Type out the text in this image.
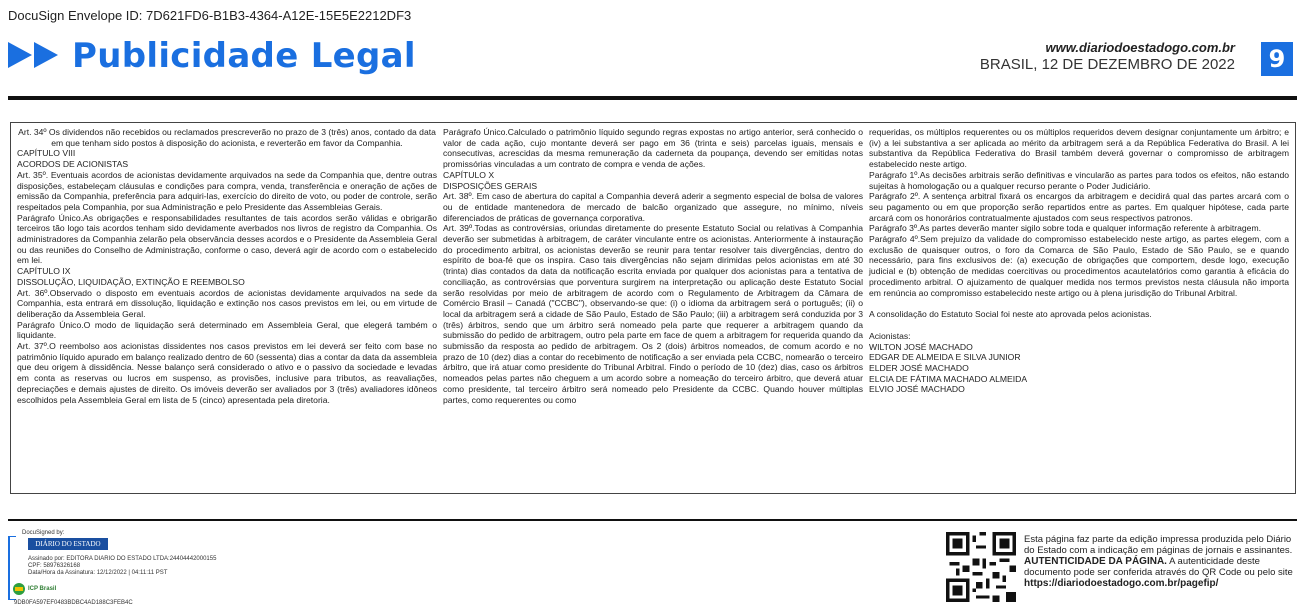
DocuSign Envelope ID: 7D621FD6-B1B3-4364-A12E-15E5E2212DF3
Publicidade Legal	www.diariodoestadogo.com.br
BRASIL, 12 DE DEZEMBRO DE 2022	9

Art. 34º Os dividendos não recebidos ou reclamados prescreverão no prazo de 3 (três) anos, contado da data em que tenham sido postos à disposição do acionista, e reverterão em favor da Companhia.

CAPÍTULO VIII

ACORDOS DE ACIONISTAS

Art. 35º. Eventuais acordos de acionistas devidamente arquivados na sede da Companhia que, dentre outras disposições, estabeleçam cláusulas e condições para compra, venda, transferência e oneração de ações de emissão da Companhia, preferência para adquiri-las, exercício do direito de voto, ou poder de controle, serão respeitados pela Companhia, por sua Administração e pelo Presidente das Assembleias Gerais.

Parágrafo Único.As obrigações e responsabilidades resultantes de tais acordos serão válidas e obrigarão terceiros tão logo tais acordos tenham sido devidamente averbados nos livros de registro da Companhia. Os administradores da Companhia zelarão pela observância desses acordos e o Presidente da Assembleia Geral ou das reuniões do Conselho de Administração, conforme o caso, deverá agir de acordo com o estabelecido em lei.

CAPÍTULO IX

DISSOLUÇÃO, LIQUIDAÇÃO, EXTINÇÃO E REEMBOLSO

Art. 36º.Observado o disposto em eventuais acordos de acionistas devidamente arquivados na sede da Companhia, esta entrará em dissolução, liquidação e extinção nos casos previstos em lei, ou em virtude de deliberação da Assembleia Geral.

Parágrafo Único.O modo de liquidação será determinado em Assembleia Geral, que elegerá também o liquidante.

Art. 37º.O reembolso aos acionistas dissidentes nos casos previstos em lei deverá ser feito com base no patrimônio líquido apurado em balanço realizado dentro de 60 (sessenta) dias a contar da data da assembleia que deu origem à dissidência. Nesse balanço será considerado o ativo e o passivo da sociedade e levadas em conta as reservas ou lucros em suspenso, as provisões, inclusive para tributos, as reavaliações, depreciações e demais ajustes de direito. Os imóveis deverão ser avaliados por 3 (três) avaliadores idôneos escolhidos pela Assembleia Geral em lista de 5 (cinco) apresentada pela diretoria.

Parágrafo Único.Calculado o patrimônio líquido segundo regras expostas no artigo anterior, será conhecido o valor de cada ação, cujo montante deverá ser pago em 36 (trinta e seis) parcelas iguais, mensais e consecutivas, acrescidas da mesma remuneração da caderneta da poupança, devendo ser emitidas notas promissórias vinculadas a um contrato de compra e venda de ações.

CAPÍTULO X

DISPOSIÇÕES GERAIS

Art. 38º. Em caso de abertura do capital a Companhia deverá aderir a segmento especial de bolsa de valores ou de entidade mantenedora de mercado de balcão organizado que assegure, no mínimo, níveis diferenciados de práticas de governança corporativa.

Art. 39º.Todas as controvérsias, oriundas diretamente do presente Estatuto Social ou relativas à Companhia deverão ser submetidas à arbitragem, de caráter vinculante entre os acionistas. Anteriormente à instauração do procedimento arbitral, os acionistas deverão se reunir para tentar resolver tais divergências, dentro do espírito de boa-fé que os inspira. Caso tais divergências não sejam dirimidas pelos acionistas em até 30 (trinta) dias contados da data da notificação escrita enviada por qualquer dos acionistas para a tentativa de conciliação, as controvérsias que porventura surgirem na interpretação ou aplicação deste Estatuto Social serão resolvidas por meio de arbitragem de acordo com o Regulamento de Arbitragem da Câmara de Comércio Brasil – Canadá ("CCBC"), observando-se que: (i) o idioma da arbitragem será o português; (ii) o local da arbitragem será a cidade de São Paulo, Estado de São Paulo; (iii) a arbitragem será conduzida por 3 (três) árbitros, sendo que um árbitro será nomeado pela parte que requerer a arbitragem quando da submissão do pedido de arbitragem, outro pela parte em face de quem a arbitragem for requerida quando da submissão da resposta ao pedido de arbitragem. Os 2 (dois) árbitros nomeados, de comum acordo e no prazo de 10 (dez) dias a contar do recebimento de notificação a ser enviada pela CCBC, nomearão o terceiro árbitro, que irá atuar como presidente do Tribunal Arbitral. Findo o período de 10 (dez) dias, caso os árbitros nomeados pelas partes não cheguem a um acordo sobre a nomeação do terceiro árbitro, que deverá atuar como presidente, tal terceiro árbitro será nomeado pelo Presidente da CCBC. Quando houver múltiplas partes, como requerentes ou como

requeridas, os múltiplos requerentes ou os múltiplos requeridos devem designar conjuntamente um árbitro; e (iv) a lei substantiva a ser aplicada ao mérito da arbitragem será a da República Federativa do Brasil. A lei substantiva da República Federativa do Brasil também deverá governar o compromisso de arbitragem estabelecido neste artigo.

Parágrafo 1º.As decisões arbitrais serão definitivas e vincularão as partes para todos os efeitos, não estando sujeitas à homologação ou a qualquer recurso perante o Poder Judiciário.

Parágrafo 2º. A sentença arbitral fixará os encargos da arbitragem e decidirá qual das partes arcará com o seu pagamento ou em que proporção serão repartidos entre as partes. Em qualquer hipótese, cada parte arcará com os honorários contratualmente ajustados com seus respectivos patronos.

Parágrafo 3º.As partes deverão manter sigilo sobre toda e qualquer informação referente à arbitragem.

Parágrafo 4º.Sem prejuízo da validade do compromisso estabelecido neste artigo, as partes elegem, com a exclusão de quaisquer outros, o foro da Comarca de São Paulo, Estado de São Paulo, se e quando necessário, para fins exclusivos de: (a) execução de obrigações que comportem, desde logo, execução judicial e (b) obtenção de medidas coercitivas ou procedimentos acautelatórios como garantia à eficácia do procedimento arbitral. O ajuizamento de qualquer medida nos termos previstos nesta cláusula não importa em renúncia ao compromisso estabelecido neste artigo ou à plena jurisdição do Tribunal Arbitral.

A consolidação do Estatuto Social foi neste ato aprovada pelos acionistas.

Acionistas:

WILTON JOSÉ MACHADO

EDGAR DE ALMEIDA E SILVA JUNIOR

ELDER JOSÉ MACHADO

ELCIA DE FÁTIMA MACHADO ALMEIDA

ELVIO JOSÉ MACHADO

DocuSigned by:
DIÁRIO DO ESTADO
Assinado por: EDITORA DIARIO DO ESTADO LTDA:24404442000155
CPF: 58976326168
Data/Hora da Assinatura: 12/12/2022 | 04:11:11 PST
ICP Brasil
9DB0FA597EF0483BDBC4AD188C3FEB4C
Esta página faz parte da edição impressa produzida pelo Diário do Estado com a indicação em páginas de jornais e assinantes. AUTENTICIDADE DA PÁGINA. A autenticidade deste documento pode ser conferida através do QR Code ou pelo site https://diariodoestadogo.com.br/pagefip/
